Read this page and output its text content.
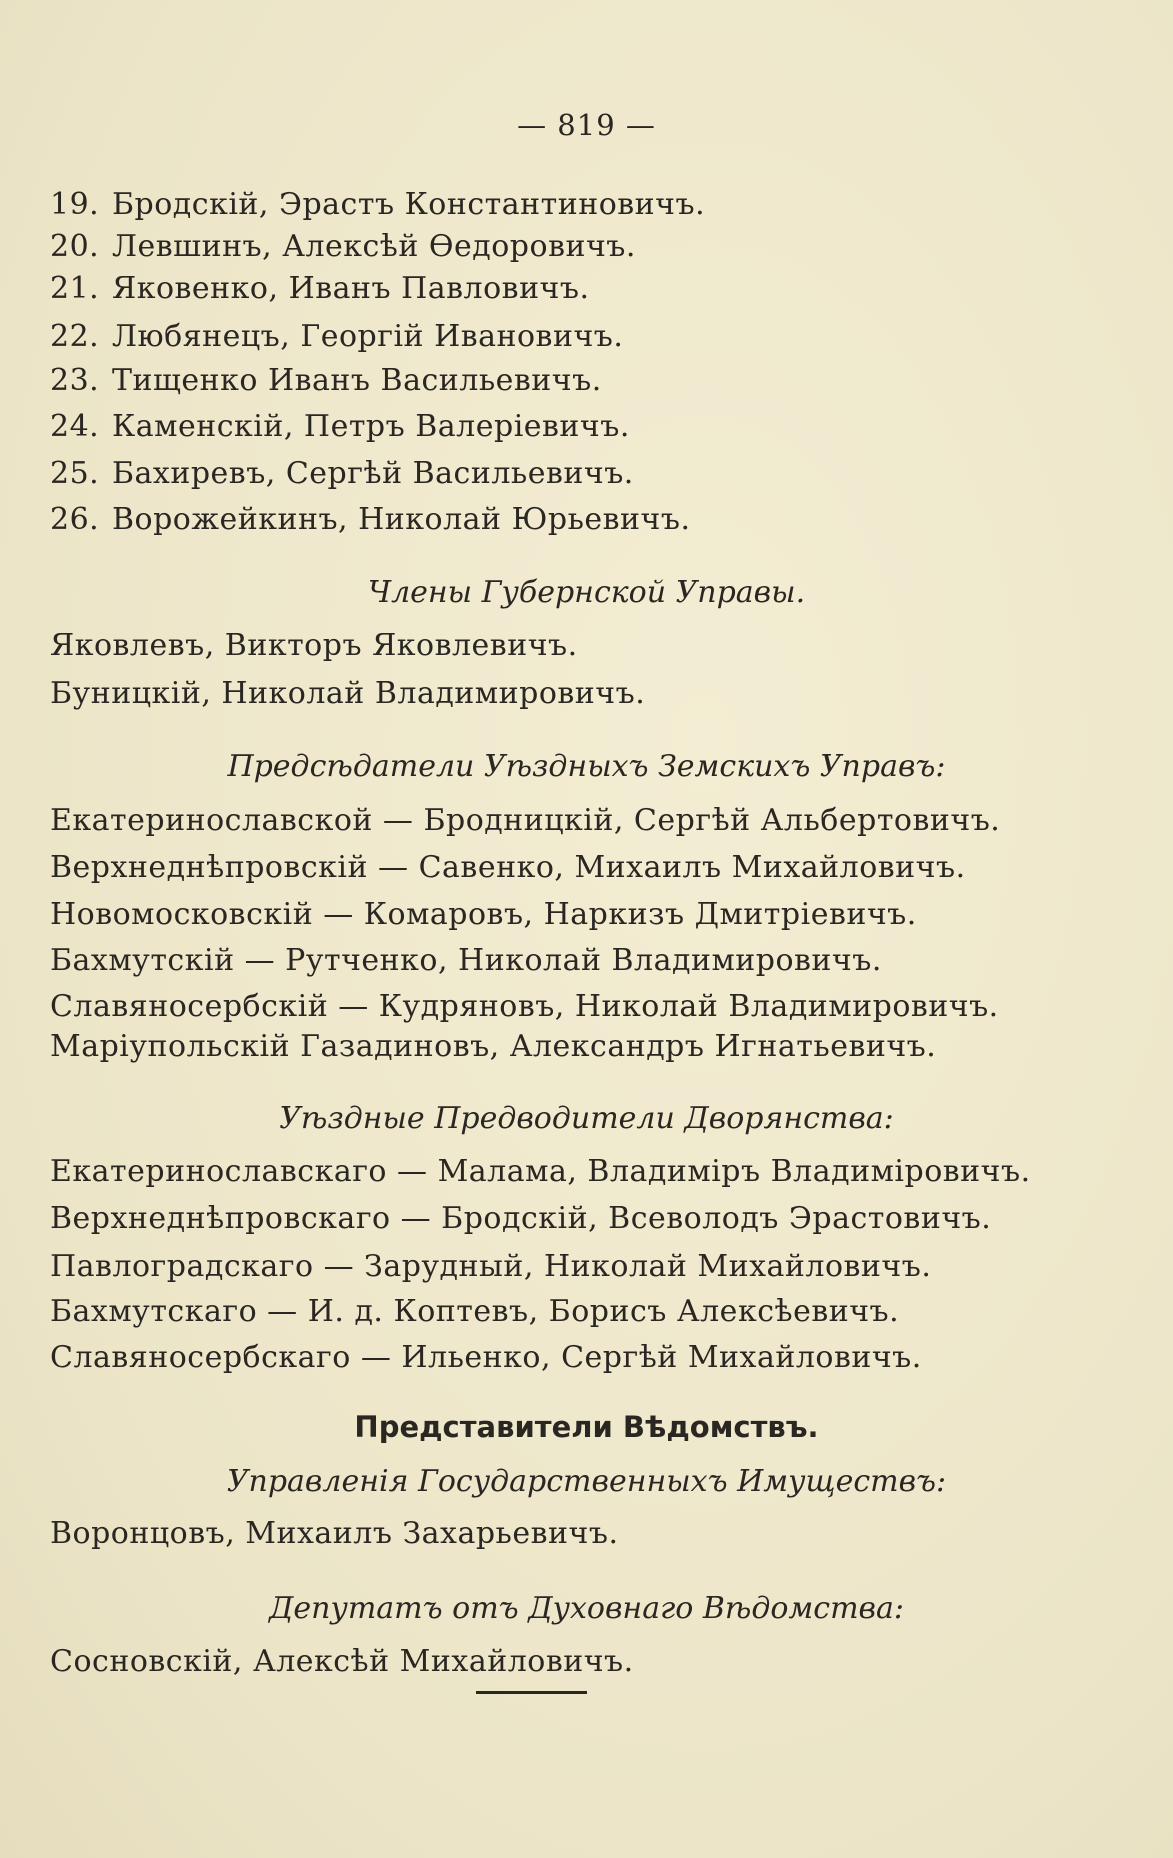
— 819 —
19. Бродскій, Эрастъ Константиновичъ.
20. Левшинъ, Алексѣй Ѳедоровичъ.
21. Яковенко, Иванъ Павловичъ.
22. Любянецъ, Георгій Ивановичъ.
23. Тищенко Иванъ Васильевичъ.
24. Каменскій, Петръ Валеріевичъ.
25. Бахиревъ, Сергѣй Васильевичъ.
26. Ворожейкинъ, Николай Юрьевичъ.
Члены Губернской Управы.
Яковлевъ, Викторъ Яковлевичъ.
Буницкій, Николай Владимировичъ.
Предсѣдатели Уѣздныхъ Земскихъ Управъ:
Екатеринославской — Бродницкій, Сергѣй Альбертовичъ.
Верхнеднѣпровскій — Савенко, Михаилъ Михайловичъ.
Новомосковскій — Комаровъ, Наркизъ Дмитріевичъ.
Бахмутскій — Рутченко, Николай Владимировичъ.
Славяносербскій — Кудряновъ, Николай Владимировичъ.
Маріупольскій Газадиновъ, Александръ Игнатьевичъ.
Уѣздные Предводители Дворянства:
Екатеринославскаго — Малама, Владиміръ Владиміровичъ.
Верхнеднѣпровскаго — Бродскій, Всеволодъ Эрастовичъ.
Павлоградскаго — Зарудный, Николай Михайловичъ.
Бахмутскаго — И. д. Коптевъ, Борисъ Алексѣевичъ.
Славяносербскаго — Ильенко, Сергѣй Михайловичъ.
Представители Вѣдомствъ.
Управленія Государственныхъ Имуществъ:
Воронцовъ, Михаилъ Захарьевичъ.
Депутатъ отъ Духовнаго Вѣдомства:
Сосновскій, Алексѣй Михайловичъ.
